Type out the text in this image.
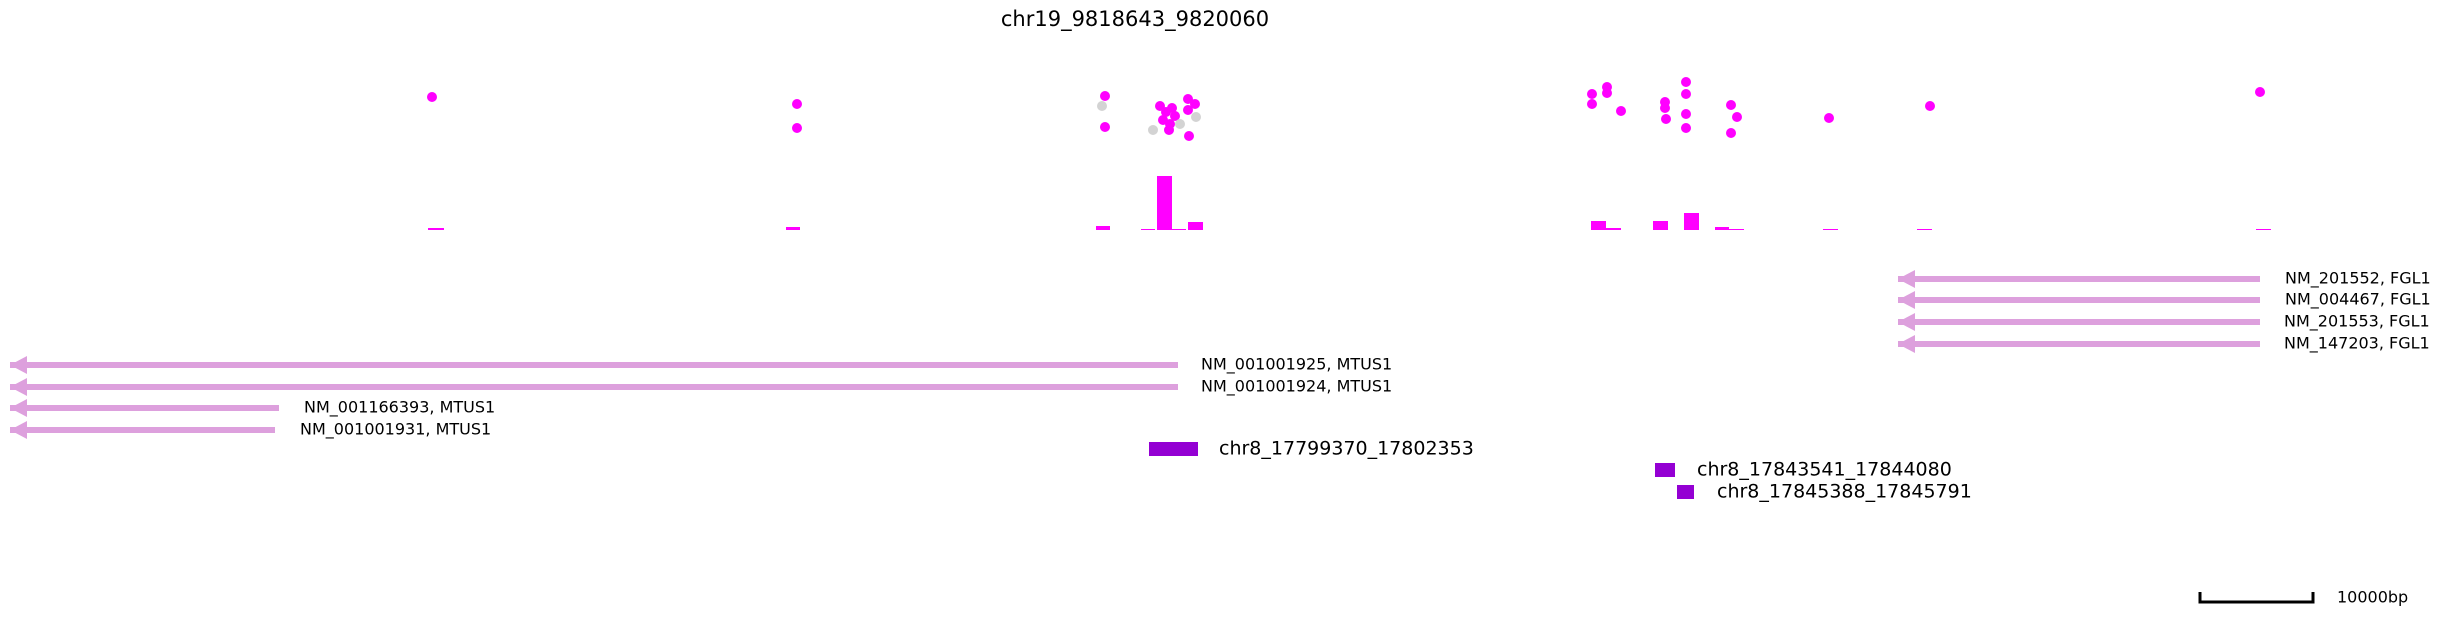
chr19_9818643_9820060
NM_201552, FGL1
NM_004467, FGL1
NM_201553, FGL1
NM_147203, FGL1
NM_001001925, MTUS1
NM_001001924, MTUS1
NM_001166393, MTUS1
NM_001001931, MTUS1
chr8_17799370_17802353
chr8_17843541_17844080
chr8_17845388_17845791
10000bp
